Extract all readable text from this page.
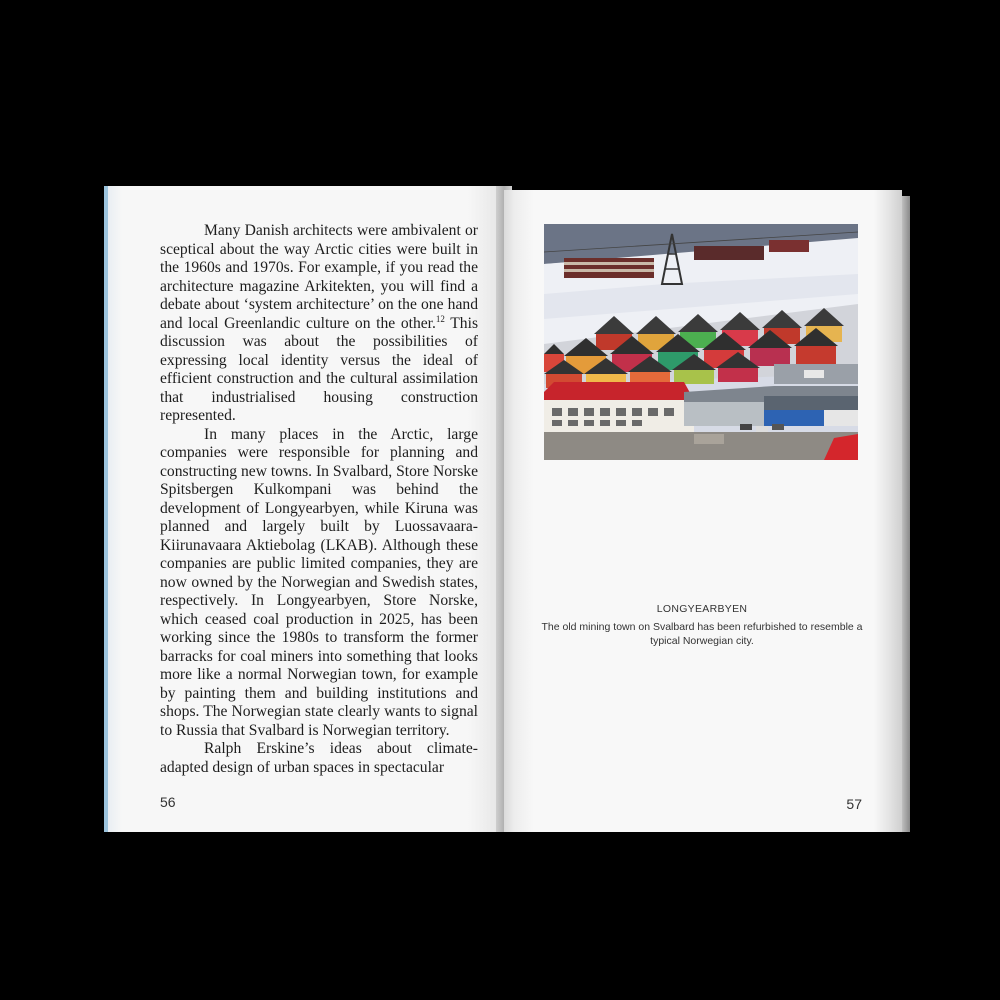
Many Danish architects were ambivalent or sceptical about the way Arctic cities were built in the 1960s and 1970s. For example, if you read the architecture magazine Arkitekten, you will find a debate about ‘system architecture’ on the one hand and local Greenlandic culture on the other.$^{12}$ This discussion was about the possibilities of expressing local identity versus the ideal of efficient construction and the cultural assimilation that industrialised housing construction represented.

In many places in the Arctic, large companies were responsible for planning and constructing new towns. In Svalbard, Store Norske Spitsbergen Kulkompani was behind the development of Longyearbyen, while Kiruna was planned and largely built by Luossavaara-Kiirunavaara Aktiebolag (LKAB). Although these companies are public limited companies, they are now owned by the Norwegian and Swedish states, respectively. In Longyearbyen, Store Norske, which ceased coal production in 2025, has been working since the 1980s to transform the former barracks for coal miners into something that looks more like a normal Norwegian town, for example by painting them and building institutions and shops. The Norwegian state clearly wants to signal to Russia that Svalbard is Norwegian territory.

Ralph Erskine’s ideas about climate-adapted design of urban spaces in spectacular

56
LONGYEARBYEN
The old mining town on Svalbard has been refurbished to resemble a typical Norwegian city.
57
